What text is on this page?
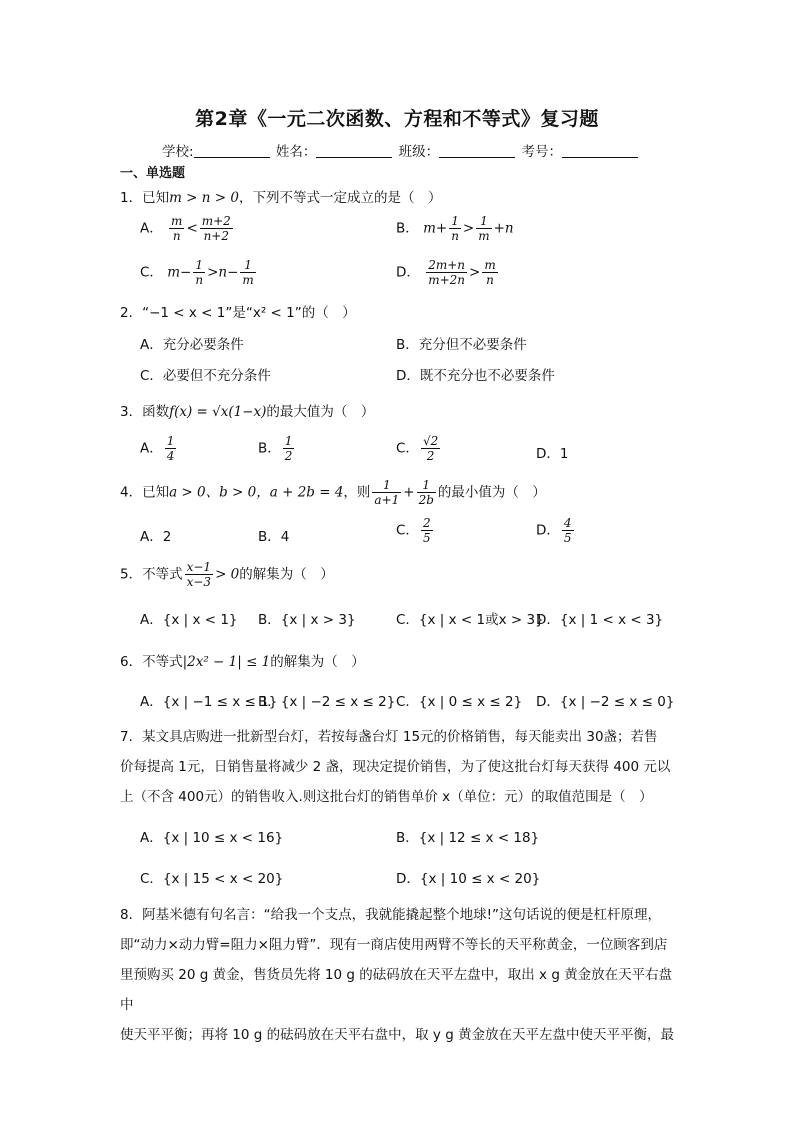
第2章《一元二次函数、方程和不等式》复习题
学校:	姓名：	班级：	考号：
一、单选题
1．已知m > n > 0，下列不等式一定成立的是（　）
A． $\frac{m}{n} < \frac{m+2}{n+2}$	B． $m+ \frac{1}{n} > \frac{1}{m} +n$
C． $m- \frac{1}{n} >n- \frac{1}{m}$	D． $\frac{2m+n}{m+2n} > \frac{m}{n}$
2．“−1 < x < 1”是“x² < 1”的（　）
A．充分必要条件	B．充分但不必要条件
C．必要但不充分条件	D．既不充分也不必要条件
3．函数f(x) = √x(1−x)的最大值为（　）
A． $\frac{1}{4}$	B． $\frac{1}{2}$	C． $\frac{√2}{2}$	D．1
4．已知a > 0、b > 0，a + 2b = 4，则 $\frac{1}{a+1} + \frac{1}{2b}$ 的最小值为（　）
A．2	B．4	C． $\frac{2}{5}$	D． $\frac{4}{5}$
5．不等式 $\frac{x-1}{x-3} > 0$的解集为（　）
A．{x | x < 1} B．{x | x > 3}	C．{x | x < 1或x > 3}
D．{x | 1 < x < 3}
6．不等式|2x² − 1| ≤ 1的解集为（　）
A．{x | −1 ≤ x ≤ 1}
B．{x | −2 ≤ x ≤ 2} C．{x | 0 ≤ x ≤ 2} D．{x | −2 ≤ x ≤ 0}
7．某文具店购进一批新型台灯，若按每盏台灯 15元的价格销售，每天能卖出 30盏；若售
价每提高 1元，日销售量将减少 2 盏，现决定提价销售，为了使这批台灯每天获得 400 元以
上（不含 400元）的销售收入.则这批台灯的销售单价 x（单位：元）的取值范围是（　）
A．{x | 10 ≤ x < 16}	B．{x | 12 ≤ x < 18}
C．{x | 15 < x < 20}	D．{x | 10 ≤ x < 20}
8．阿基米德有句名言：“给我一个支点，我就能撬起整个地球!”这句话说的便是杠杆原理，
即“动力×动力臂=阻力×阻力臂”．现有一商店使用两臂不等长的天平称黄金，一位顾客到店
里预购买 20 g 黄金，售货员先将 10 g 的砝码放在天平左盘中，取出 x g 黄金放在天平右盘中
使天平平衡；再将 10 g 的砝码放在天平右盘中，取 y g 黄金放在天平左盘中使天平平衡，最
